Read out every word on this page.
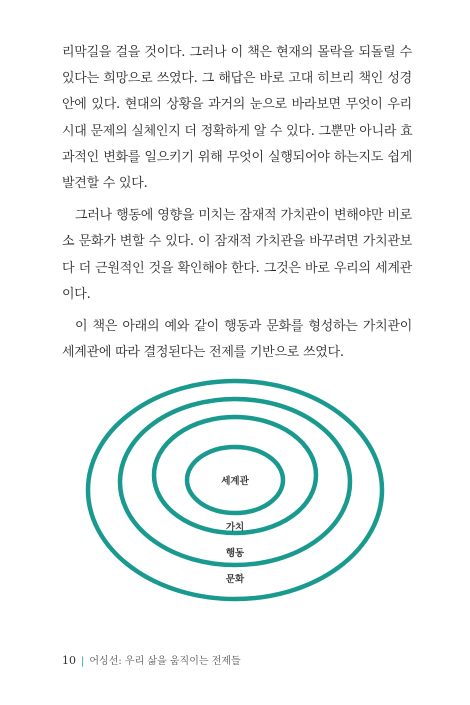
리막길을 걸을 것이다. 그러나 이 책은 현재의 몰락을 되돌릴 수
있다는 희망으로 쓰였다. 그 해답은 바로 고대 히브리 책인 성경
안에 있다. 현대의 상황을 과거의 눈으로 바라보면 무엇이 우리
시대 문제의 실체인지 더 정확하게 알 수 있다. 그뿐만 아니라 효
과적인 변화를 일으키기 위해 무엇이 실행되어야 하는지도 쉽게
발견할 수 있다.
그러나 행동에 영향을 미치는 잠재적 가치관이 변해야만 비로
소 문화가 변할 수 있다. 이 잠재적 가치관을 바꾸려면 가치관보
다 더 근원적인 것을 확인해야 한다. 그것은 바로 우리의 세계관
이다.
이 책은 아래의 예와 같이 행동과 문화를 형성하는 가치관이
세계관에 따라 결정된다는 전제를 기반으로 쓰였다.
세계관
가치
행동
문화
10 | 어싱선: 우리 삶을 움직이는 전제들
